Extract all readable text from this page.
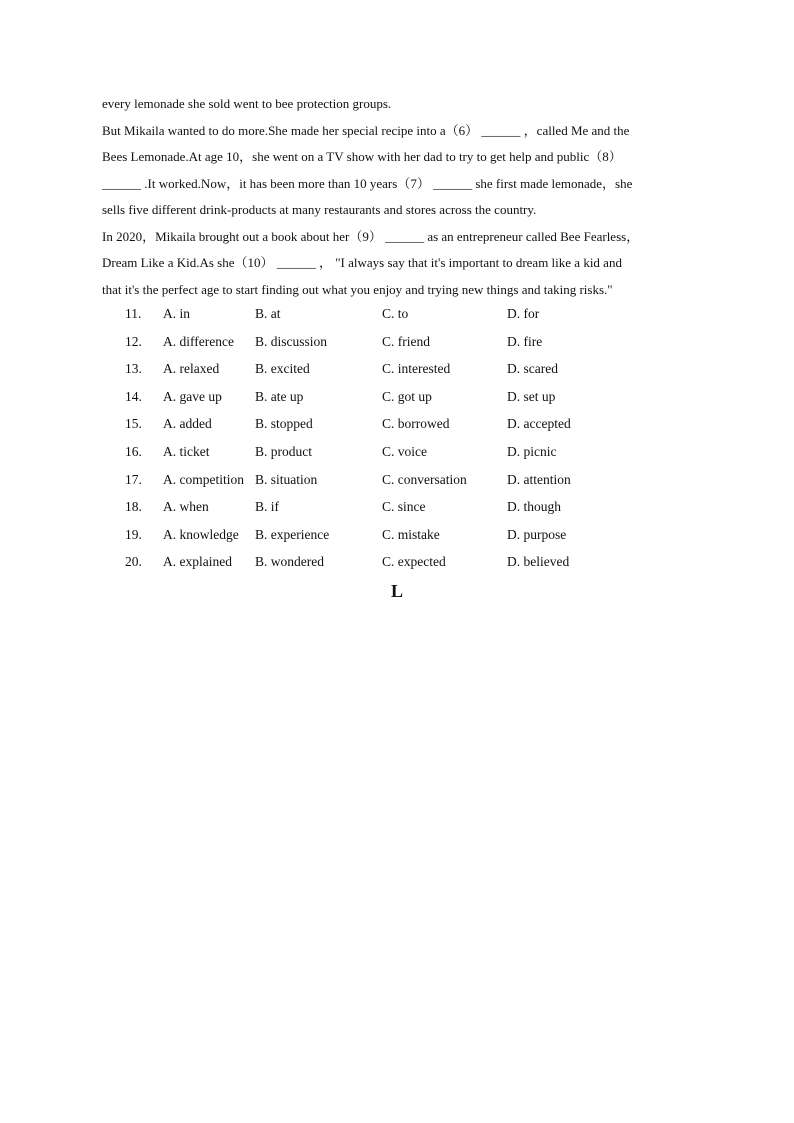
every lemonade she sold went to bee protection groups.
But Mikaila wanted to do more.She made her special recipe into a（6） ______ ，called Me and the
Bees Lemonade.At age 10，she went on a TV show with her dad to try to get help and public（8）
______ .It worked.Now，it has been more than 10 years（7） ______ she first made lemonade，she
sells five different drink-products at many restaurants and stores across the country.
In 2020，Mikaila brought out a book about her（9） ______ as an entrepreneur called Bee Fearless，
Dream Like a Kid.As she（10） ______ ， "I always say that it's important to dream like a kid and
that it's the perfect age to start finding out what you enjoy and trying new things and taking risks."
11. A. in	B. at	C. to	D. for
12. A. difference B. discussion	C. friend	D. fire
13. A. relaxed	B. excited	C. interested	D. scared
14. A. gave up B. ate up	C. got up	D. set up
15. A. added	B. stopped	C. borrowed	D. accepted
16. A. ticket	B. product	C. voice	D. picnic
17. A. competition B. situation	C. conversation	D. attention
18. A. when	B. if	C. since	D. though
19. A. knowledge B. experience	C. mistake	D. purpose
20. A. explained B. wondered	C. expected	D. believed
L
